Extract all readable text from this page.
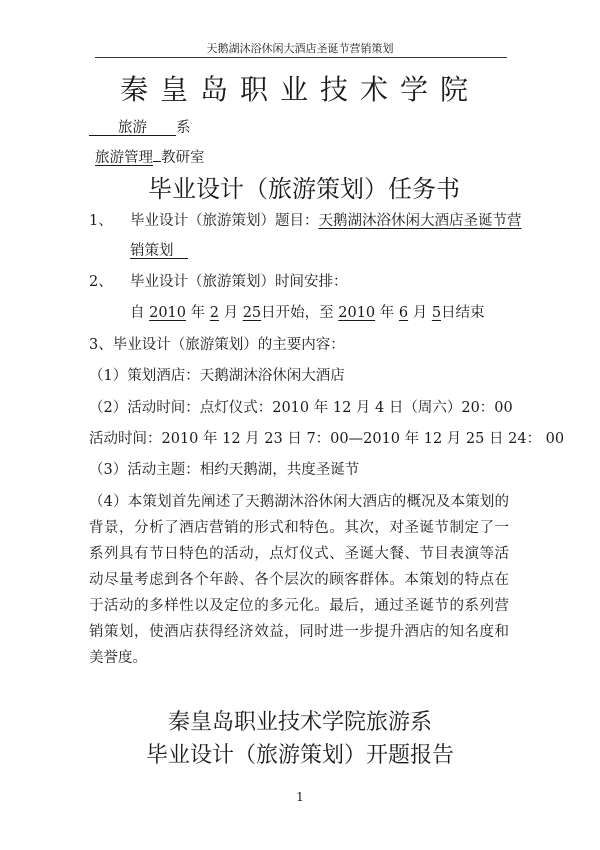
天鹅湖沐浴休闲大酒店圣诞节营销策划
秦皇岛职业技术学院
  旅游   系
旅游管理 教研室
毕业设计（旅游策划）任务书
1、 毕业设计（旅游策划）题目：天鹅湖沐浴休闲大酒店圣诞节营
销策划 
2、 毕业设计（旅游策划）时间安排：
自 2010 年 2 月 25日开始，至 2010 年 6 月 5日结束
3、毕业设计（旅游策划）的主要内容：
（1）策划酒店：天鹅湖沐浴休闲大酒店
（2）活动时间：点灯仪式：2010 年 12 月 4 日（周六）20：00
活动时间：2010 年 12 月 23 日 7：00—2010 年 12 月 25 日 24： 00
（3）活动主题：相约天鹅湖，共度圣诞节
（4）本策划首先阐述了天鹅湖沐浴休闲大酒店的概况及本策划的背景，分析了酒店营销的形式和特色。其次，对圣诞节制定了一系列具有节日特色的活动，点灯仪式、圣诞大餐、节目表演等活动尽量考虑到各个年龄、各个层次的顾客群体。本策划的特点在于活动的多样性以及定位的多元化。最后，通过圣诞节的系列营销策划，使酒店获得经济效益，同时进一步提升酒店的知名度和美誉度。
秦皇岛职业技术学院旅游系
毕业设计（旅游策划）开题报告
1
